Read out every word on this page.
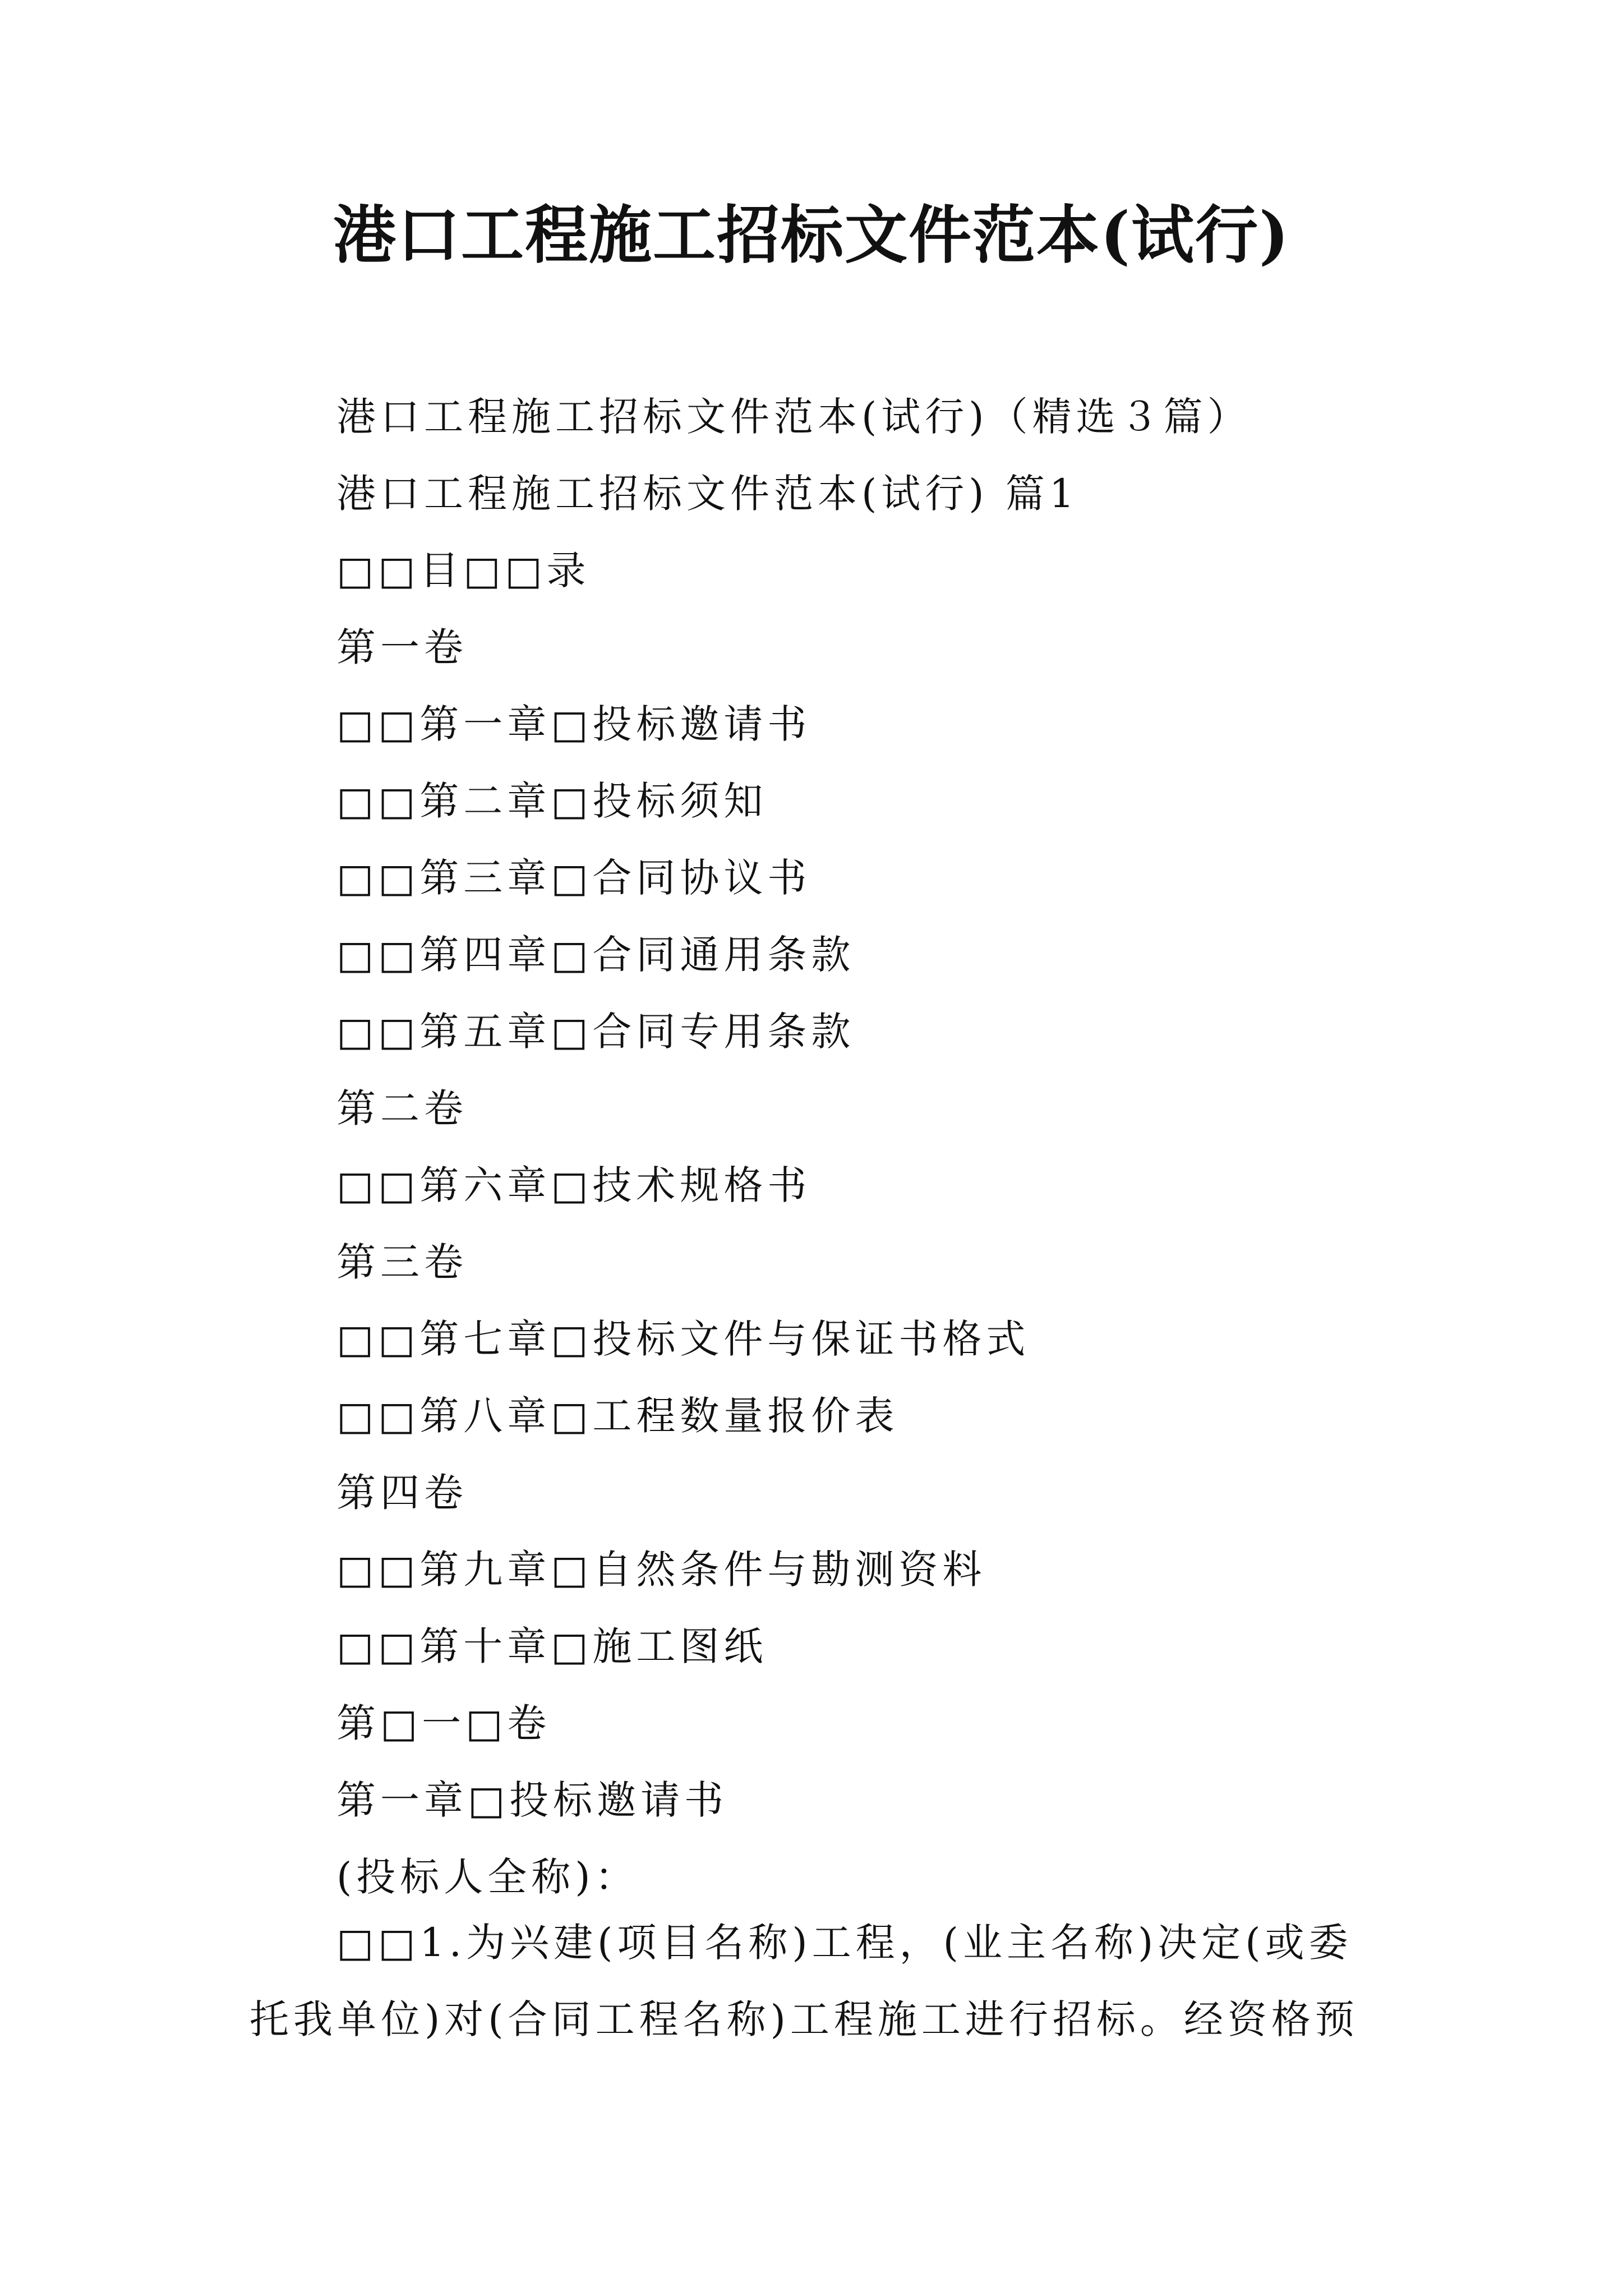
港口工程施工招标文件范本(试行)
港口工程施工招标文件范本(试行)（精选３篇）
港口工程施工招标文件范本(试行) 篇1
□□目□□录
第一卷
□□第一章□投标邀请书
□□第二章□投标须知
□□第三章□合同协议书
□□第四章□合同通用条款
□□第五章□合同专用条款
第二卷
□□第六章□技术规格书
第三卷
□□第七章□投标文件与保证书格式
□□第八章□工程数量报价表
第四卷
□□第九章□自然条件与勘测资料
□□第十章□施工图纸
第□一□卷
第一章□投标邀请书
(投标人全称)：
□□1.为兴建(项目名称)工程，(业主名称)决定(或委
托我单位)对(合同工程名称)工程施工进行招标。经资格预
